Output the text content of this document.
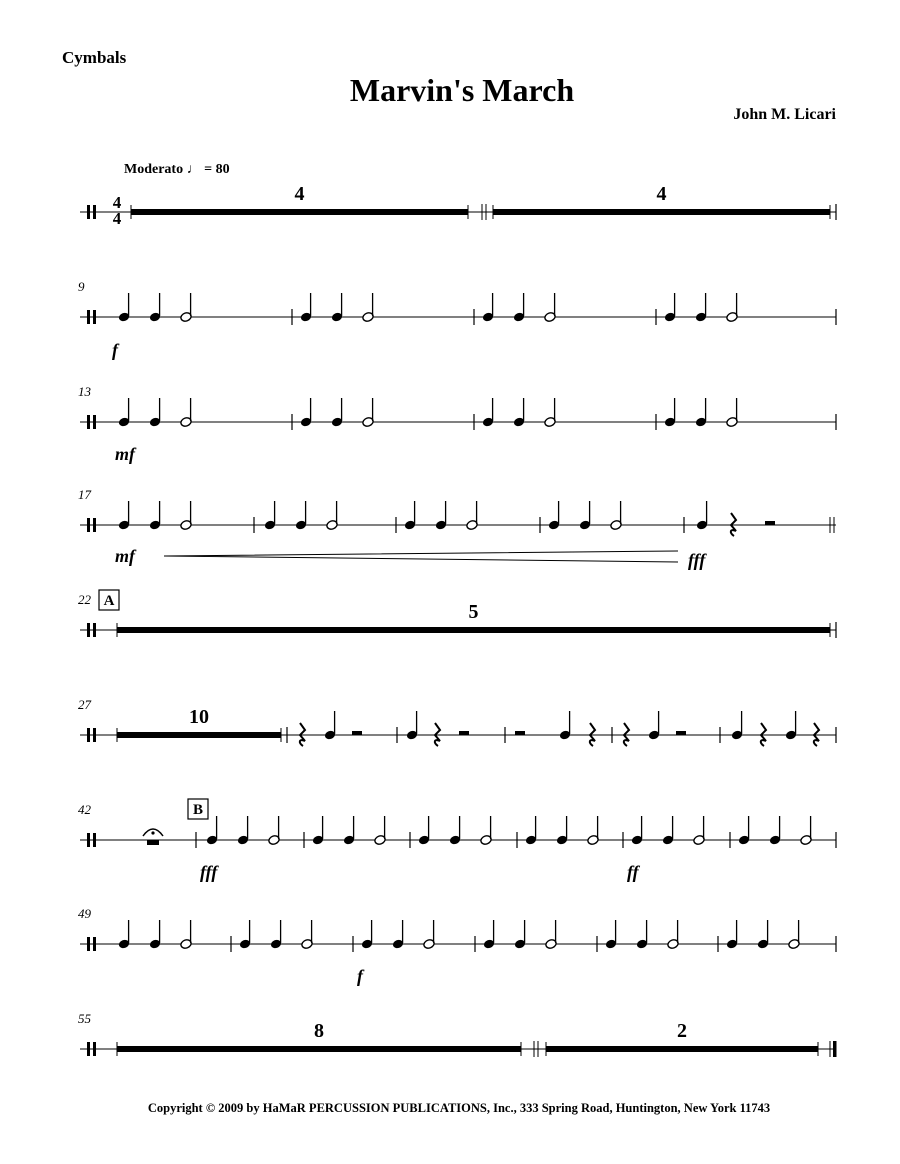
Cymbals
Marvin's March
John M. Licari
Moderato ♩ = 80
4
4
4	4
9
f
13
mf
17
mf	fff
22 A	5
27
10
42	B
fff	ff
49
f
55
8	2
Copyright © 2009 by HaMaR PERCUSSION PUBLICATIONS, Inc., 333 Spring Road, Huntington, New York 11743
